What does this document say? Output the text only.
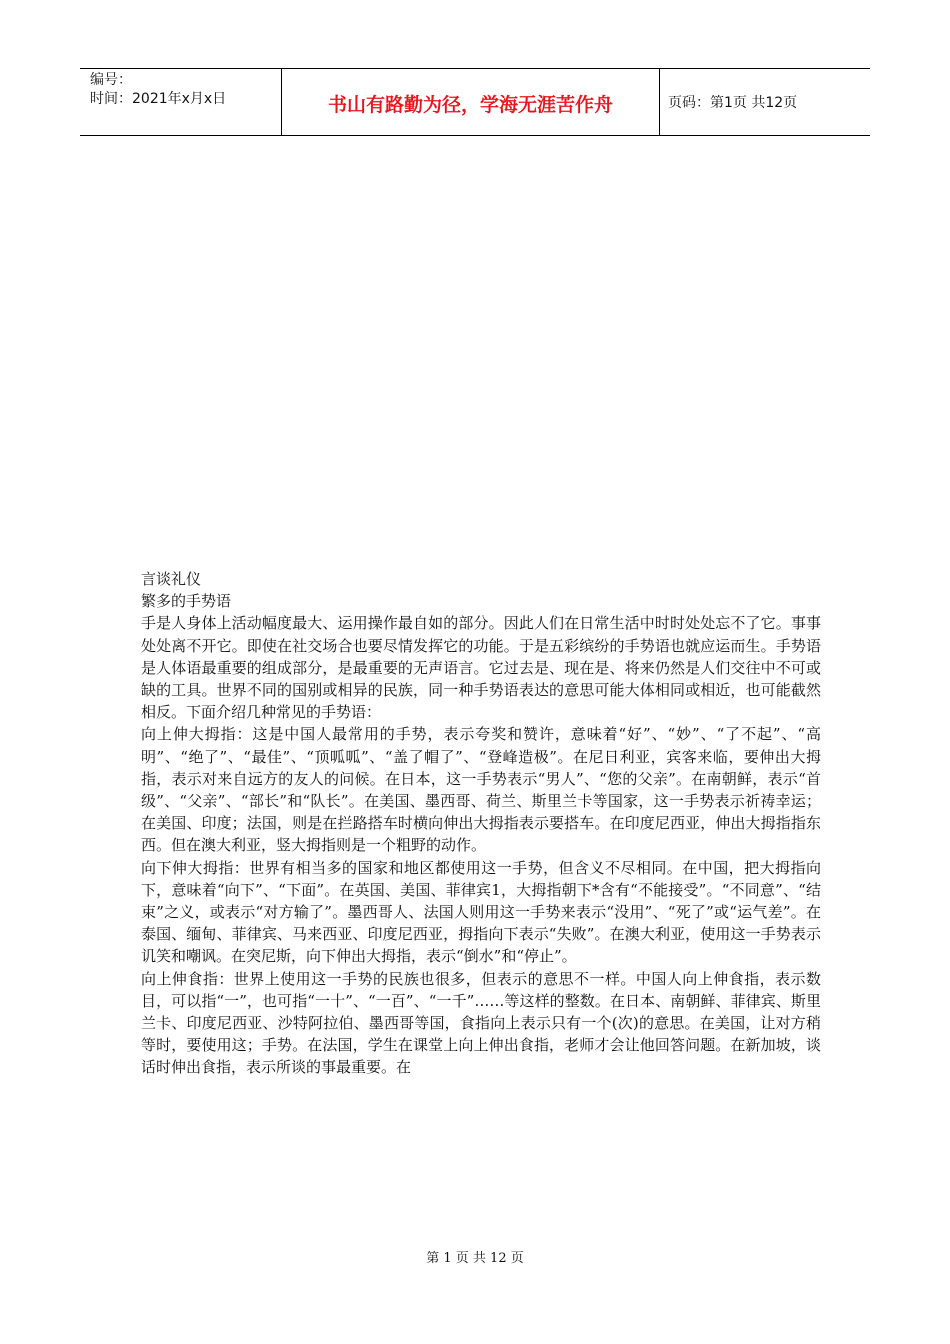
编号：
时间：2021年x月x日	书山有路勤为径，学海无涯苦作舟	页码：第1页 共12页

言谈礼仪

繁多的手势语

手是人身体上活动幅度最大、运用操作最自如的部分。因此人们在日常生活中时时处处忘不了它。事事处处离不开它。即使在社交场合也要尽情发挥它的功能。于是五彩缤纷的手势语也就应运而生。手势语是人体语最重要的组成部分，是最重要的无声语言。它过去是、现在是、将来仍然是人们交往中不可或缺的工具。世界不同的国别或相异的民族，同一种手势语表达的意思可能大体相同或相近，也可能截然相反。下面介绍几种常见的手势语：

向上伸大拇指：这是中国人最常用的手势，表示夸奖和赞许，意味着“好”、“妙”、“了不起”、“高明”、“绝了”、“最佳”、“顶呱呱”、“盖了帽了”、“登峰造极”。在尼日利亚，宾客来临，要伸出大拇指，表示对来自远方的友人的问候。在日本，这一手势表示“男人”、“您的父亲”。在南朝鲜，表示“首级”、“父亲”、“部长”和“队长”。在美国、墨西哥、荷兰、斯里兰卡等国家，这一手势表示祈祷幸运；在美国、印度；法国，则是在拦路搭车时横向伸出大拇指表示要搭车。在印度尼西亚，伸出大拇指指东西。但在澳大利亚，竖大拇指则是一个粗野的动作。

向下伸大拇指：世界有相当多的国家和地区都使用这一手势，但含义不尽相同。在中国，把大拇指向下，意味着“向下”、“下面”。在英国、美国、菲律宾1，大拇指朝下*含有“不能接受”。“不同意”、“结束”之义，或表示“对方输了”。墨西哥人、法国人则用这一手势来表示“没用”、“死了”或“运气差”。在泰国、缅甸、菲律宾、马来西亚、印度尼西亚，拇指向下表示“失败”。在澳大利亚，使用这一手势表示讥笑和嘲讽。在突尼斯，向下伸出大拇指，表示“倒水”和“停止”。

向上伸食指：世界上使用这一手势的民族也很多，但表示的意思不一样。中国人向上伸食指，表示数目，可以指“一”，也可指“一十”、“一百”、“一千”……等这样的整数。在日本、南朝鲜、菲律宾、斯里兰卡、印度尼西亚、沙特阿拉伯、墨西哥等国，食指向上表示只有一个(次)的意思。在美国，让对方稍等时，要使用这；手势。在法国，学生在课堂上向上伸出食指，老师才会让他回答问题。在新加坡，谈话时伸出食指，表示所谈的事最重要。在

第 1 页 共 12 页
